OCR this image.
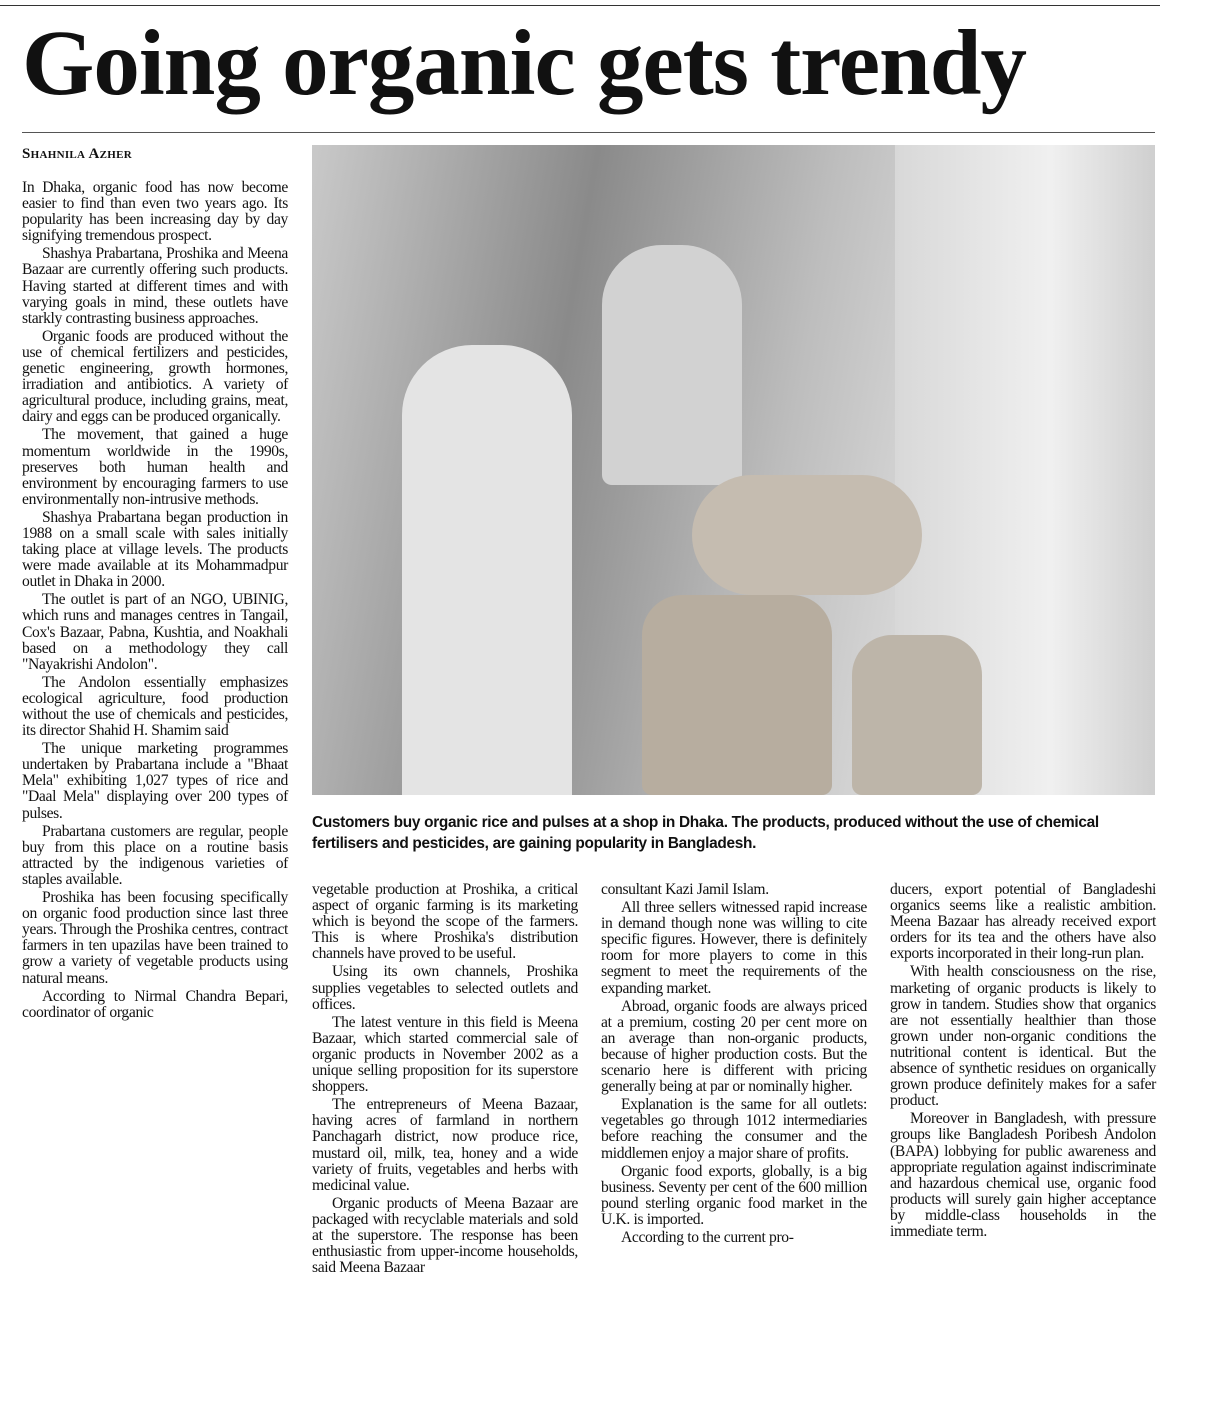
Going organic gets trendy
Shahnila Azher

In Dhaka, organic food has now become easier to find than even two years ago. Its popularity has been increasing day by day signifying tremendous prospect.

Shashya Prabartana, Proshika and Meena Bazaar are currently offering such products. Having started at different times and with varying goals in mind, these outlets have starkly contrasting business approaches.

Organic foods are produced without the use of chemical fertilizers and pesticides, genetic engineering, growth hormones, irradiation and antibiotics. A variety of agricultural produce, including grains, meat, dairy and eggs can be produced organically.

The movement, that gained a huge momentum worldwide in the 1990s, preserves both human health and environment by encouraging farmers to use environmentally non-intrusive methods.

Shashya Prabartana began production in 1988 on a small scale with sales initially taking place at village levels. The products were made available at its Mohammadpur outlet in Dhaka in 2000.

The outlet is part of an NGO, UBINIG, which runs and manages centres in Tangail, Cox's Bazaar, Pabna, Kushtia, and Noakhali based on a methodology they call "Nayakrishi Andolon".

The Andolon essentially emphasizes ecological agriculture, food production without the use of chemicals and pesticides, its director Shahid H. Shamim said

The unique marketing programmes undertaken by Prabartana include a "Bhaat Mela" exhibiting 1,027 types of rice and "Daal Mela" displaying over 200 types of pulses.

Prabartana customers are regular, people buy from this place on a routine basis attracted by the indigenous varieties of staples available.

Proshika has been focusing specifically on organic food production since last three years. Through the Proshika centres, contract farmers in ten upazilas have been trained to grow a variety of vegetable products using natural means.

According to Nirmal Chandra Bepari, coordinator of organic

Customers buy organic rice and pulses at a shop in Dhaka. The products, produced without the use of chemical fertilisers and pesticides, are gaining popularity in Bangladesh.

vegetable production at Proshika, a critical aspect of organic farming is its marketing which is beyond the scope of the farmers. This is where Proshika's distribution channels have proved to be useful.

Using its own channels, Proshika supplies vegetables to selected outlets and offices.

The latest venture in this field is Meena Bazaar, which started commercial sale of organic products in November 2002 as a unique selling proposition for its superstore shoppers.

The entrepreneurs of Meena Bazaar, having acres of farmland in northern Panchagarh district, now produce rice, mustard oil, milk, tea, honey and a wide variety of fruits, vegetables and herbs with medicinal value.

Organic products of Meena Bazaar are packaged with recyclable materials and sold at the superstore. The response has been enthusiastic from upper-income households, said Meena Bazaar

consultant Kazi Jamil Islam.

All three sellers witnessed rapid increase in demand though none was willing to cite specific figures. However, there is definitely room for more players to come in this segment to meet the requirements of the expanding market.

Abroad, organic foods are always priced at a premium, costing 20 per cent more on an average than non-organic products, because of higher production costs. But the scenario here is different with pricing generally being at par or nominally higher.

Explanation is the same for all outlets: vegetables go through 1012 intermediaries before reaching the consumer and the middlemen enjoy a major share of profits.

Organic food exports, globally, is a big business. Seventy per cent of the 600 million pound sterling organic food market in the U.K. is imported.

According to the current pro-

ducers, export potential of Bangladeshi organics seems like a realistic ambition. Meena Bazaar has already received export orders for its tea and the others have also exports incorporated in their long-run plan.

With health consciousness on the rise, marketing of organic products is likely to grow in tandem. Studies show that organics are not essentially healthier than those grown under non-organic conditions the nutritional content is identical. But the absence of synthetic residues on organically grown produce definitely makes for a safer product.

Moreover in Bangladesh, with pressure groups like Bangladesh Poribesh Andolon (BAPA) lobbying for public awareness and appropriate regulation against indiscriminate and hazardous chemical use, organic food products will surely gain higher acceptance by middle-class households in the immediate term.
